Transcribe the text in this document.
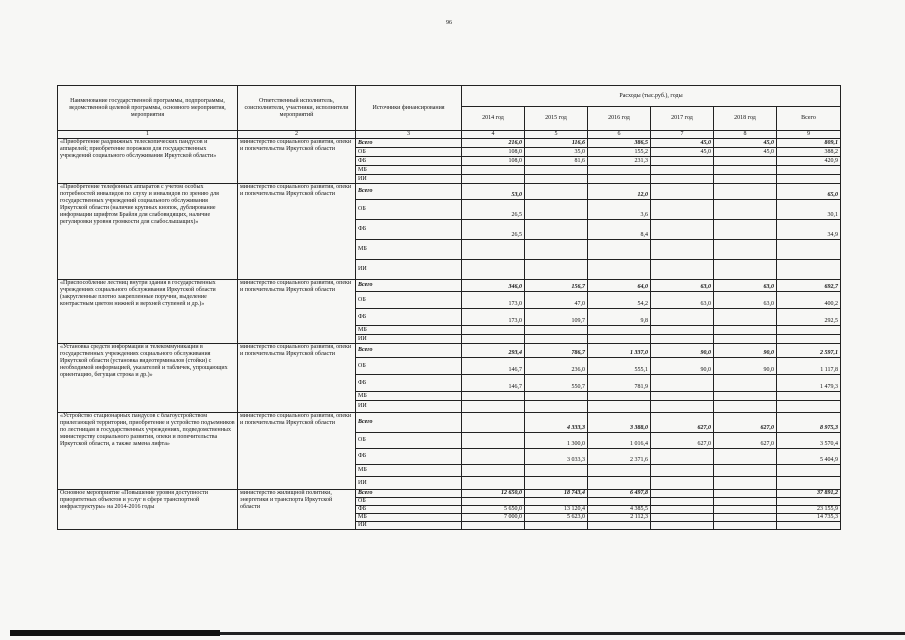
96
Наименование государственной программы, подпрограммы, ведомственной целевой программы, основного мероприятия, мероприятия	Ответственный исполнитель, соисполнители, участники, исполнители мероприятий	Источники финансирования	Расходы (тыс.руб.), годы					
			2014 год	2015 год	2016 год	2017 год	2018 год	Всего
1	2	3	4	5	6	7	8	9
«Приобретение раздвижных телескопических пандусов и аппарелей; приобретение порожков для государственных учреждений социального обслуживания Иркутской области»	министерство социального развития, опеки и попечительства Иркутской области	Всего	216,0	116,6	386,5	45,0	45,0	809,1
		ОБ	108,0	35,0	155,2	45,0	45,0	388,2
		ФБ	108,0	81,6	231,3			420,9
		МБ						
		ИИ						
«Приобретение телефонных аппаратов с учетом особых потребностей инвалидов по слуху и инвалидов по зрению для государственных учреждений социального обслуживания Иркутской области (наличие крупных кнопок, дублирование информации шрифтом Брайля для слабовидящих, наличие регулировки уровня громкости для слабослышащих)»	министерство социального развития, опеки и попечительства Иркутской области	Всего	53,0		12,0			65,0
		ОБ	26,5		3,6			30,1
		ФБ	26,5		8,4			34,9
		МБ						
		ИИ						
«Приспособление лестниц внутри здания в государственных учреждениях социального обслуживания Иркутской области (закругленные плотно закрепленные поручни, выделение контрастным цветом нижней и верхней ступеней и др.)»	министерство социального развития, опеки и попечительства Иркутской области	Всего	346,0	156,7	64,0	63,0	63,0	692,7
		ОБ	173,0	47,0	54,2	63,0	63,0	400,2
		ФБ	173,0	109,7	9,8			292,5
		МБ						
		ИИ						
«Установка средств информации и телекоммуникации в государственных учреждениях социального обслуживания Иркутской области (установка видеотерминалов (стойки) с необходимой информацией, указателей и табличек, упрощающих ориентацию, бегущая строка и др.)»	министерство социального развития, опеки и попечительства Иркутской области	Всего	293,4	786,7	1 337,0	90,0	90,0	2 597,1
		ОБ	146,7	236,0	555,1	90,0	90,0	1 117,8
		ФБ	146,7	550,7	781,9			1 479,3
		МБ						
		ИИ						
«Устройство стационарных пандусов с благоустройством прилегающей территории, приобретение и устройство подъемников по лестницам в государственных учреждениях, подведомственных министерству социального развития, опеки и попечительства Иркутской области, а также замена лифта»	министерство социального развития, опеки и попечительства Иркутской области	Всего		4 333,3	3 388,0	627,0	627,0	8 975,3
		ОБ		1 300,0	1 016,4	627,0	627,0	3 570,4
		ФБ		3 033,3	2 371,6			5 404,9
		МБ						
		ИИ						
Основное мероприятие «Повышение уровня доступности приоритетных объектов и услуг в сфере транспортной инфраструктуры» на 2014-2016 годы	министерство жилищной политики, энергетики и транспорта Иркутской области	Всего	12 650,0	18 743,4	6 497,8			37 891,2
		ОБ						
		ФБ	5 650,0	13 120,4	4 385,5			23 155,9
		МБ	7 000,0	5 623,0	2 112,3			14 735,3
		ИИ						
